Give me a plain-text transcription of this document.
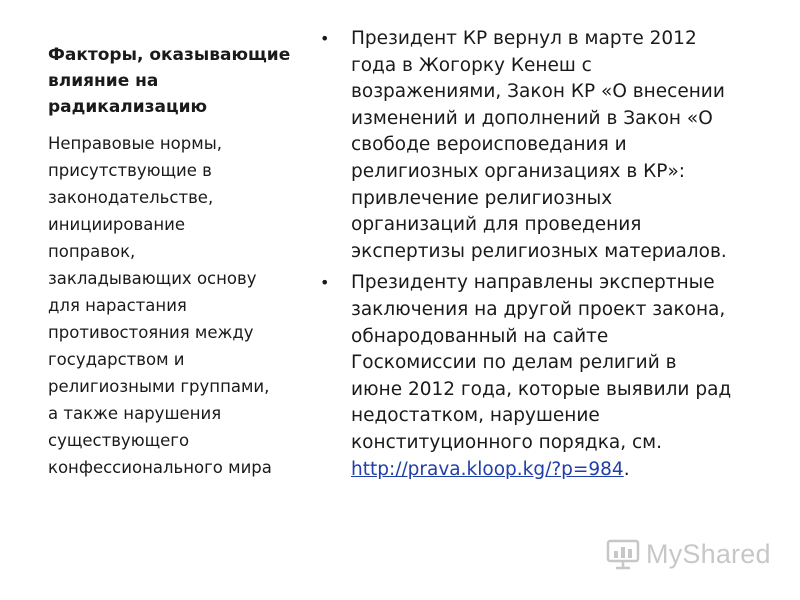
Факторы, оказывающие
влияние на
радикализацию
Неправовые нормы,
присутствующие в
законодательстве,
инициирование
поправок,
закладывающих основу
для нарастания
противостояния между
государством и
религиозными группами,
а также нарушения
существующего
конфессионального мира
• Президент КР вернул в марте 2012
года в Жогорку Кенеш с
возражениями, Закон КР «О внесении
изменений и дополнений в Закон «О
свободе вероисповедания и
религиозных организациях в КР»:
привлечение религиозных
организаций для проведения
экспертизы религиозных материалов.
• Президенту направлены экспертные
заключения на другой проект закона,
обнародованный на сайте
Госкомиссии по делам религий в
июне 2012 года, которые выявили рад
недостатком, нарушение
конституционного порядка, см.
http://prava.kloop.kg/?p=984.
MyShared
